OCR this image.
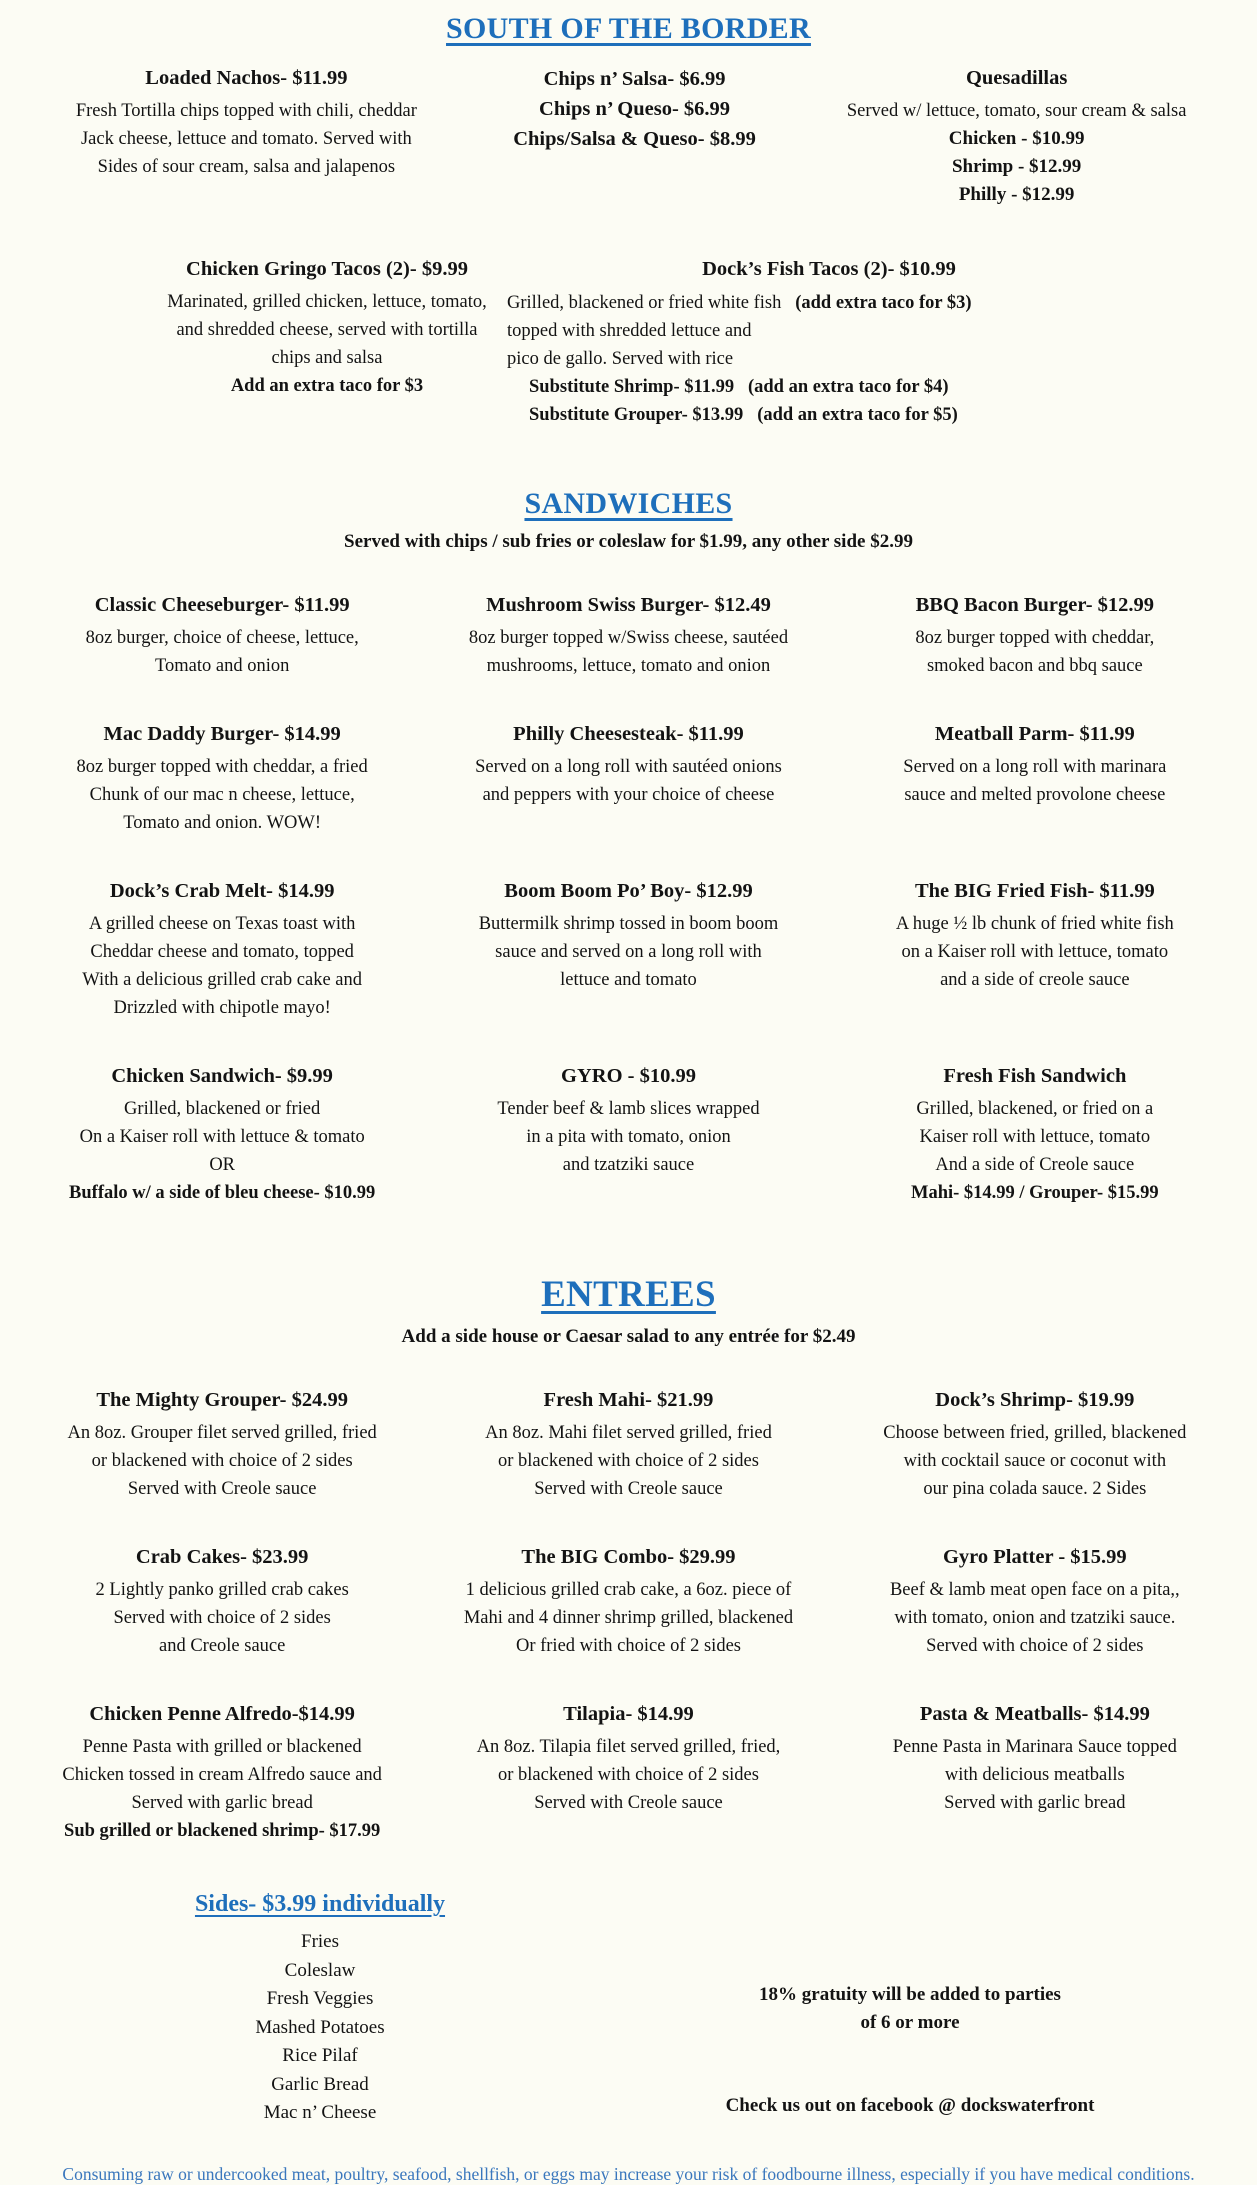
SOUTH OF THE BORDER
Loaded Nachos- $11.99
Fresh Tortilla chips topped with chili, cheddar
Jack cheese, lettuce and tomato. Served with
Sides of sour cream, salsa and jalapenos
Chips n’ Salsa- $6.99
Chips n’ Queso- $6.99
Chips/Salsa & Queso- $8.99
Quesadillas
Served w/ lettuce, tomato, sour cream & salsa
Chicken - $10.99
Shrimp - $12.99
Philly - $12.99
Chicken Gringo Tacos (2)- $9.99
Marinated, grilled chicken, lettuce, tomato,
and shredded cheese, served with tortilla
chips and salsa
Add an extra taco for $3
Dock’s Fish Tacos (2)- $10.99
Grilled, blackened or fried white fish (add extra taco for $3)
topped with shredded lettuce and
pico de gallo. Served with rice
Substitute Shrimp- $11.99 (add an extra taco for $4)
Substitute Grouper- $13.99 (add an extra taco for $5)
SANDWICHES
Served with chips / sub fries or coleslaw for $1.99, any other side $2.99
Classic Cheeseburger- $11.99
8oz burger, choice of cheese, lettuce,
Tomato and onion
Mushroom Swiss Burger- $12.49
8oz burger topped w/Swiss cheese, sautéed
mushrooms, lettuce, tomato and onion
BBQ Bacon Burger- $12.99
8oz burger topped with cheddar,
smoked bacon and bbq sauce
Mac Daddy Burger- $14.99
8oz burger topped with cheddar, a fried
Chunk of our mac n cheese, lettuce,
Tomato and onion. WOW!
Philly Cheesesteak- $11.99
Served on a long roll with sautéed onions
and peppers with your choice of cheese
Meatball Parm- $11.99
Served on a long roll with marinara
sauce and melted provolone cheese
Dock’s Crab Melt- $14.99
A grilled cheese on Texas toast with
Cheddar cheese and tomato, topped
With a delicious grilled crab cake and
Drizzled with chipotle mayo!
Boom Boom Po’ Boy- $12.99
Buttermilk shrimp tossed in boom boom
sauce and served on a long roll with
lettuce and tomato
The BIG Fried Fish- $11.99
A huge ½ lb chunk of fried white fish
on a Kaiser roll with lettuce, tomato
and a side of creole sauce
Chicken Sandwich- $9.99
Grilled, blackened or fried
On a Kaiser roll with lettuce & tomato
OR
Buffalo w/ a side of bleu cheese- $10.99
GYRO - $10.99
Tender beef & lamb slices wrapped
in a pita with tomato, onion
and tzatziki sauce
Fresh Fish Sandwich
Grilled, blackened, or fried on a
Kaiser roll with lettuce, tomato
And a side of Creole sauce
Mahi- $14.99 / Grouper- $15.99
ENTREES
Add a side house or Caesar salad to any entrée for $2.49
The Mighty Grouper- $24.99
An 8oz. Grouper filet served grilled, fried
or blackened with choice of 2 sides
Served with Creole sauce
Fresh Mahi- $21.99
An 8oz. Mahi filet served grilled, fried
or blackened with choice of 2 sides
Served with Creole sauce
Dock’s Shrimp- $19.99
Choose between fried, grilled, blackened
with cocktail sauce or coconut with
our pina colada sauce. 2 Sides
Crab Cakes- $23.99
2 Lightly panko grilled crab cakes
Served with choice of 2 sides
and Creole sauce
The BIG Combo- $29.99
1 delicious grilled crab cake, a 6oz. piece of
Mahi and 4 dinner shrimp grilled, blackened
Or fried with choice of 2 sides
Gyro Platter - $15.99
Beef & lamb meat open face on a pita,,
with tomato, onion and tzatziki sauce.
Served with choice of 2 sides
Chicken Penne Alfredo-$14.99
Penne Pasta with grilled or blackened
Chicken tossed in cream Alfredo sauce and
Served with garlic bread
Sub grilled or blackened shrimp- $17.99
Tilapia- $14.99
An 8oz. Tilapia filet served grilled, fried,
or blackened with choice of 2 sides
Served with Creole sauce
Pasta & Meatballs- $14.99
Penne Pasta in Marinara Sauce topped
with delicious meatballs
Served with garlic bread
Sides- $3.99 individually
Fries
Coleslaw
Fresh Veggies
Mashed Potatoes
Rice Pilaf
Garlic Bread
Mac n’ Cheese
18% gratuity will be added to parties
of 6 or more
Check us out on facebook @ dockswaterfront
Consuming raw or undercooked meat, poultry, seafood, shellfish, or eggs may increase your risk of foodbourne illness, especially if you have medical conditions.
